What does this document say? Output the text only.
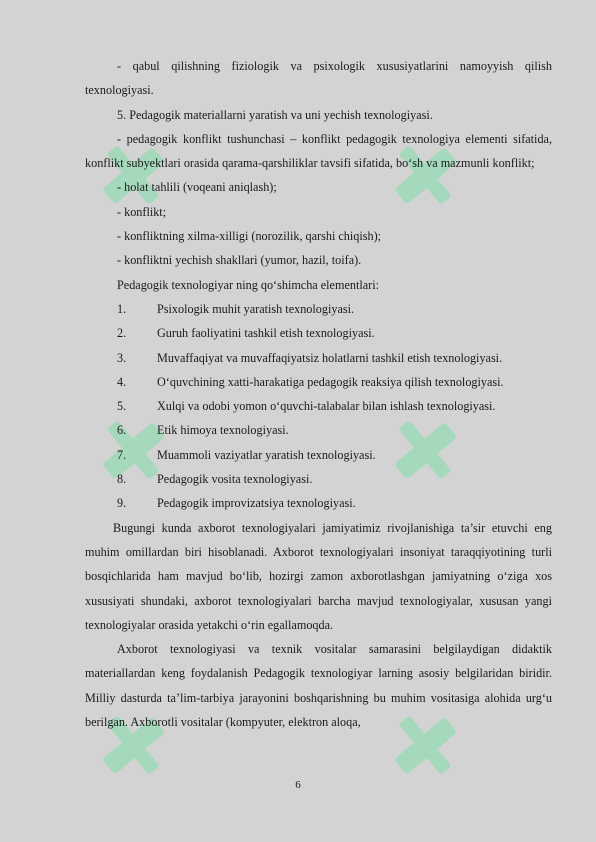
- qabul qilishning fiziologik va psixologik xususiyatlarini namoyyish qilish texnologiyasi.

5. Pedagogik materiallarni yaratish va uni yechish texnologiyasi.

- pedagogik konflikt tushunchasi – konflikt pedagogik texnologiya elementi sifatida, konflikt subyektlari orasida qarama-qarshiliklar tavsifi sifatida, bo‘sh va mazmunli konflikt;

- holat tahlili (voqeani aniqlash);

- konflikt;

- konfliktning xilma-xilligi (norozilik, qarshi chiqish);

- konfliktni yechish shakllari (yumor, hazil, toifa).

Pedagogik texnologiyar ning qo‘shimcha elementlari:

1.	Psixologik muhit yaratish texnologiyasi.
2.	Guruh faoliyatini tashkil etish texnologiyasi.
3.	Muvaffaqiyat va muvaffaqiyatsiz holatlarni tashkil etish texnologiyasi.
4.	O‘quvchining xatti-harakatiga pedagogik reaksiya qilish texnologiyasi.
5.	Xulqi va odobi yomon o‘quvchi-talabalar bilan ishlash texnologiyasi.
6.	Etik himoya texnologiyasi.
7.	Muammoli vaziyatlar yaratish texnologiyasi.
8.	Pedagogik vosita texnologiyasi.
9.	Pedagogik improvizatsiya texnologiyasi.

Bugungi kunda axborot texnologiyalari jamiyatimiz rivojlanishiga ta’sir etuvchi eng muhim omillardan biri hisoblanadi. Axborot texnologiyalari insoniyat taraqqiyotining turli bosqichlarida ham mavjud bo‘lib, hozirgi zamon axborotlashgan jamiyatning o‘ziga xos xususiyati shundaki, axborot texnologiyalari barcha mavjud texnologiyalar, xususan yangi texnologiyalar orasida yetakchi o‘rin egallamoqda.

Axborot texnologiyasi va texnik vositalar samarasini belgilaydigan didaktik materiallardan keng foydalanish Pedagogik texnologiyar larning asosiy belgilaridan biridir. Milliy dasturda ta’lim-tarbiya jarayonini boshqarishning bu muhim vositasiga alohida urg‘u berilgan. Axborotli vositalar (kompyuter, elektron aloqa,

6
